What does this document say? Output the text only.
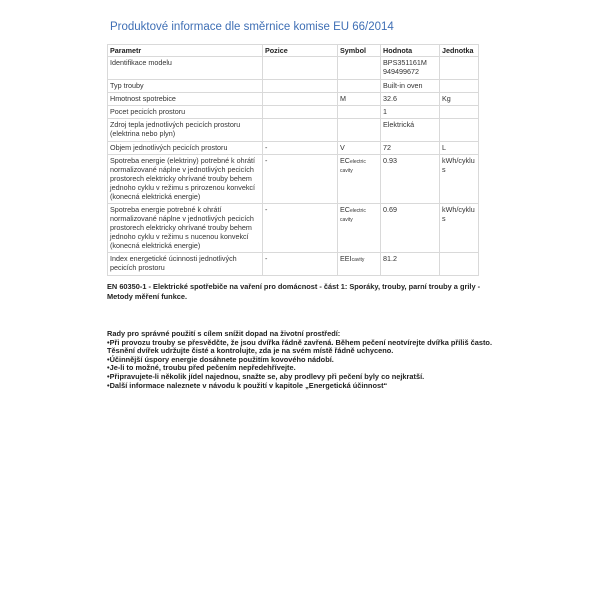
Produktové informace dle směrnice komise EU 66/2014
Parametr	Pozice	Symbol	Hodnota	Jednotka
Identifikace modelu			BPS351161M
949499672	
Typ trouby			Built-in oven	
Hmotnost spotrebice		M	32.6	Kg
Pocet pecicích prostoru			1	
Zdroj tepla jednotlivých pecicích prostoru (elektrina nebo plyn)			Elektrická	
Objem jednotlivých pecicích prostoru	-	V	72	L
Spotreba energie (elektriny) potrebné k ohrátí normalizované náplne v jednotlivých pecicích prostorech elektricky ohrívané trouby behem jednoho cyklu v režimu s prirozenou konvekcí (konecná elektrická energie)	-	ECelectric cavity	0.93	kWh/cyklus
Spotreba energie potrebné k ohrátí normalizované náplne v jednotlivých pecicích prostorech elektricky ohrívané trouby behem jednoho cyklu v režimu s nucenou konvekcí (konecná elektrická energie)	-	ECelectric cavity	0.69	kWh/cyklus
Index energetické úcinnosti jednotlivých pecicích prostoru	-	EEIcavity	81.2	
EN 60350-1 - Elektrické spotřebiče na vaření pro domácnost - část 1: Sporáky, trouby, parní trouby a grily - Metody měření funkce.
Rady pro správné použití s cílem snížit dopad na životní prostředí:
• Při provozu trouby se přesvědčte, že jsou dvířka řádně zavřená. Během pečení neotvírejte dvířka příliš často. Těsnění dvířek udržujte čisté a kontrolujte, zda je na svém místě řádně uchyceno.
• Účinnější úspory energie dosáhnete použitím kovového nádobí.
• Je-li to možné, troubu před pečením nepředehřívejte.
• Připravujete-li několik jídel najednou, snažte se, aby prodlevy při pečení byly co nejkratší.
• Další informace naleznete v návodu k použití v kapitole „Energetická účinnost“
